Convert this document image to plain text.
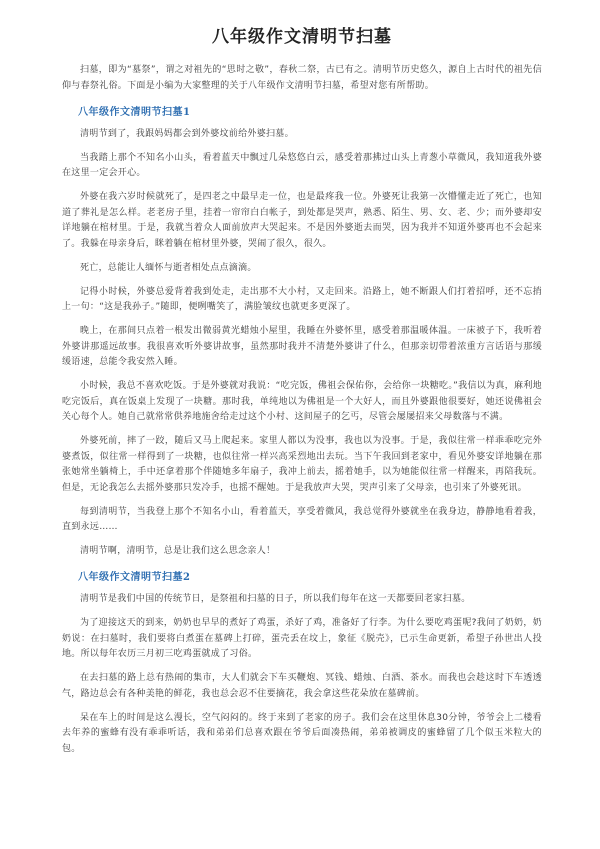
八年级作文清明节扫墓

扫墓，即为“墓祭”，谓之对祖先的“思时之敬”，春秋二祭，古已有之。清明节历史悠久，源自上古时代的祖先信仰与春祭礼俗。下面是小编为大家整理的关于八年级作文清明节扫墓，希望对您有所帮助。

八年级作文清明节扫墓1

清明节到了，我跟妈妈都会到外婆坟前给外婆扫墓。

当我踏上那个不知名小山头，看着蓝天中飘过几朵悠悠白云，感受着那拂过山头上青葱小草微风，我知道我外婆在这里一定会开心。

外婆在我六岁时候就死了，是四老之中最早走一位，也是最疼我一位。外婆死让我第一次懵懂走近了死亡，也知道了葬礼是怎么样。老老房子里，挂着一帘帘白白帐子，到处都是哭声，熟悉、陌生、男、女、老、少；而外婆却安详地躺在棺材里。于是，我就当着众人面前放声大哭起来。不是因外婆逝去而哭，因为我并不知道外婆再也不会起来了。我躲在母亲身后，眯着躺在棺材里外婆，哭闹了很久，很久。

死亡，总能让人缅怀与逝者相处点点滴滴。

记得小时候，外婆总爱背着我到处走，走出那不大小村，又走回来。沿路上，她不断跟人们打着招呼，还不忘捎上一句：“这是我孙子。”随即，便咧嘴笑了，满脸皱纹也就更多更深了。

晚上，在那间只点着一根发出微弱黄光蜡烛小屋里，我睡在外婆怀里，感受着那温暖体温。一床被子下，我听着外婆讲那遥远故事。我很喜欢听外婆讲故事，虽然那时我并不清楚外婆讲了什么，但那亲切带着浓重方言话语与那缓缓语速，总能令我安然入睡。

小时候，我总不喜欢吃饭。于是外婆就对我说：“吃完饭，佛祖会保佑你，会给你一块糖吃。”我信以为真，麻利地吃完饭后，真在饭桌上发现了一块糖。那时我，单纯地以为佛祖是一个大好人，而且外婆跟他很要好，她还说佛祖会关心每个人。她自己就常常供养地施舍给走过这个小村、这间屋子的乞丐，尽管会屡屡招来父母数落与不满。

外婆死前，摔了一跤，随后又马上爬起来。家里人都以为没事，我也以为没事。于是，我似往常一样乖乖吃完外婆煮饭，似往常一样得到了一块糖，也似往常一样兴高采烈地出去玩。当下午我回到老家中，看见外婆安详地躺在那张她常坐躺椅上，手中还拿着那个伴随她多年扇子，我冲上前去，摇着她手，以为她能似往常一样醒来，再陪我玩。但是，无论我怎么去摇外婆那只发冷手，也摇不醒她。于是我放声大哭，哭声引来了父母亲，也引来了外婆死讯。

每到清明节，当我登上那个不知名小山，看着蓝天，享受着微风，我总觉得外婆就坐在我身边，静静地看着我，直到永远……

清明节啊，清明节，总是让我们这么思念亲人！

八年级作文清明节扫墓2

清明节是我们中国的传统节日，是祭祖和扫墓的日子，所以我们每年在这一天都要回老家扫墓。

为了迎接这天的到来，奶奶也早早的煮好了鸡蛋，杀好了鸡，准备好了行李。为什么要吃鸡蛋呢?我问了奶奶，奶奶说：在扫墓时，我们要将白煮蛋在墓碑上打碎，蛋壳丢在坟上，象征《脱壳》，已示生命更新，希望子孙世出人投地。所以每年农历三月初三吃鸡蛋就成了习俗。

在去扫墓的路上总有热闹的集市，大人们就会下车买鞭炮、冥钱、蜡烛、白酒、茶水。而我也会趁这时下车透透气，路边总会有各种美艳的鲜花，我也总会忍不住要摘花，我会拿这些花朵放在墓碑前。

呆在车上的时间是这么漫长，空气闷闷的。终于来到了老家的房子。我们会在这里休息30分钟，爷爷会上二楼看去年养的蜜蜂有没有乖乖听话，我和弟弟们总喜欢跟在爷爷后面凑热闹，弟弟被调皮的蜜蜂留了几个似玉米粒大的包。
